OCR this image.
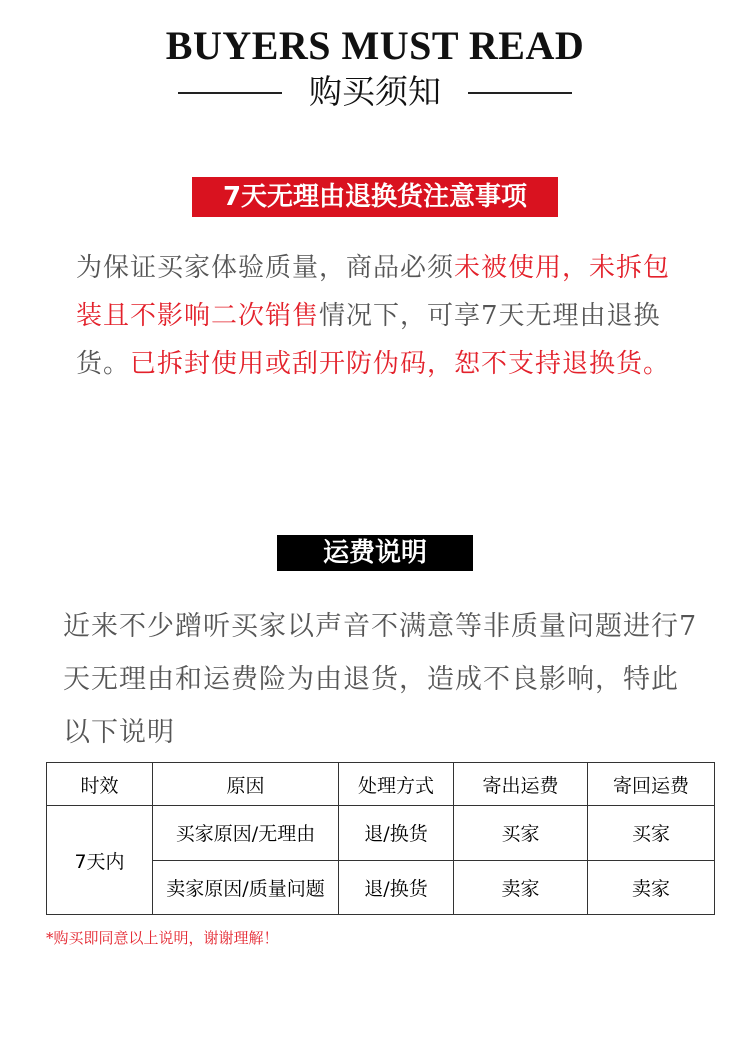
BUYERS MUST READ
购买须知
7天无理由退换货注意事项
为保证买家体验质量，商品必须未被使用，未拆包装且不影响二次销售情况下，可享7天无理由退换货。已拆封使用或刮开防伪码，恕不支持退换货。
运费说明
近来不少蹭听买家以声音不满意等非质量问题进行7天无理由和运费险为由退货，造成不良影响，特此以下说明
时效	原因	处理方式	寄出运费	寄回运费
7天内	买家原因/无理由	退/换货	买家	买家
	卖家原因/质量问题	退/换货	卖家	卖家
*购买即同意以上说明，谢谢理解！
